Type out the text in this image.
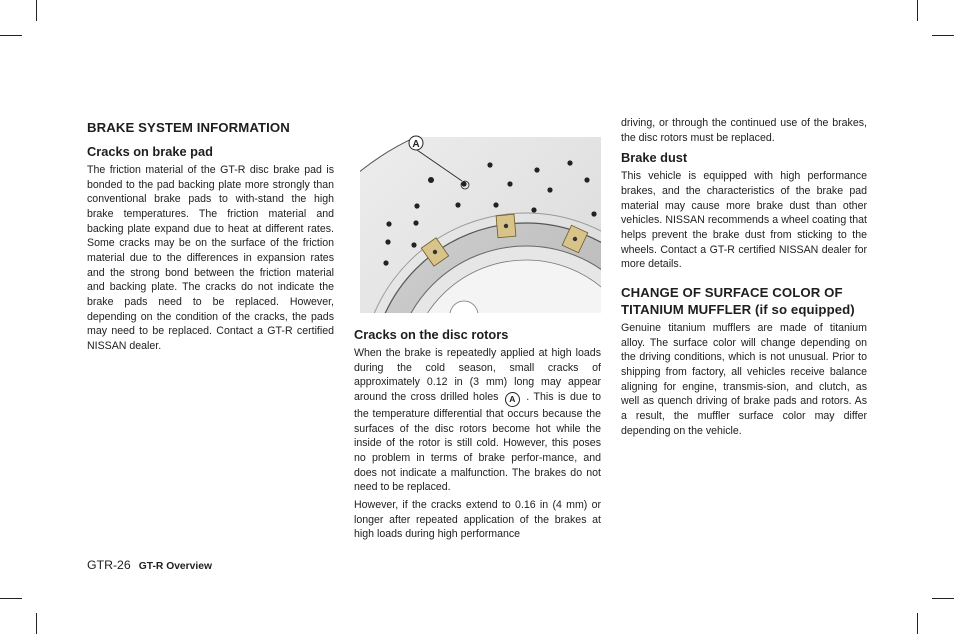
BRAKE SYSTEM INFORMATION
Cracks on brake pad

The friction material of the GT-R disc brake pad is bonded to the pad backing plate more strongly than conventional brake pads to with-stand the high brake temperatures. The friction material and backing plate expand due to heat at different rates. Some cracks may be on the surface of the friction material due to the differences in expansion rates and the strong bond between the friction material and backing plate. The cracks do not indicate the brake pads need to be replaced. However, depending on the condition of the cracks, the pads may need to be replaced. Contact a GT-R certified NISSAN dealer.

A
Cracks on the disc rotors

When the brake is repeatedly applied at high loads during the cold season, small cracks of approximately 0.12 in (3 mm) long may appear around the cross drilled holes A . This is due to the temperature differential that occurs because the surfaces of the disc rotors become hot while the inside of the rotor is still cold. However, this poses no problem in terms of brake perfor-mance, and does not indicate a malfunction. The brakes do not need to be replaced.

However, if the cracks extend to 0.16 in (4 mm) or longer after repeated application of the brakes at high loads during high performance

driving, or through the continued use of the brakes, the disc rotors must be replaced.

Brake dust

This vehicle is equipped with high performance brakes, and the characteristics of the brake pad material may cause more brake dust than other vehicles. NISSAN recommends a wheel coating that helps prevent the brake dust from sticking to the wheels. Contact a GT-R certified NISSAN dealer for more details.

CHANGE OF SURFACE COLOR OF TITANIUM MUFFLER (if so equipped)

Genuine titanium mufflers are made of titanium alloy. The surface color will change depending on the driving conditions, which is not unusual. Prior to shipping from factory, all vehicles receive balance aligning for engine, transmis-sion, and clutch, as well as quench driving of brake pads and rotors. As a result, the muffler surface color may differ depending on the vehicle.

GTR-26 GT-R Overview
